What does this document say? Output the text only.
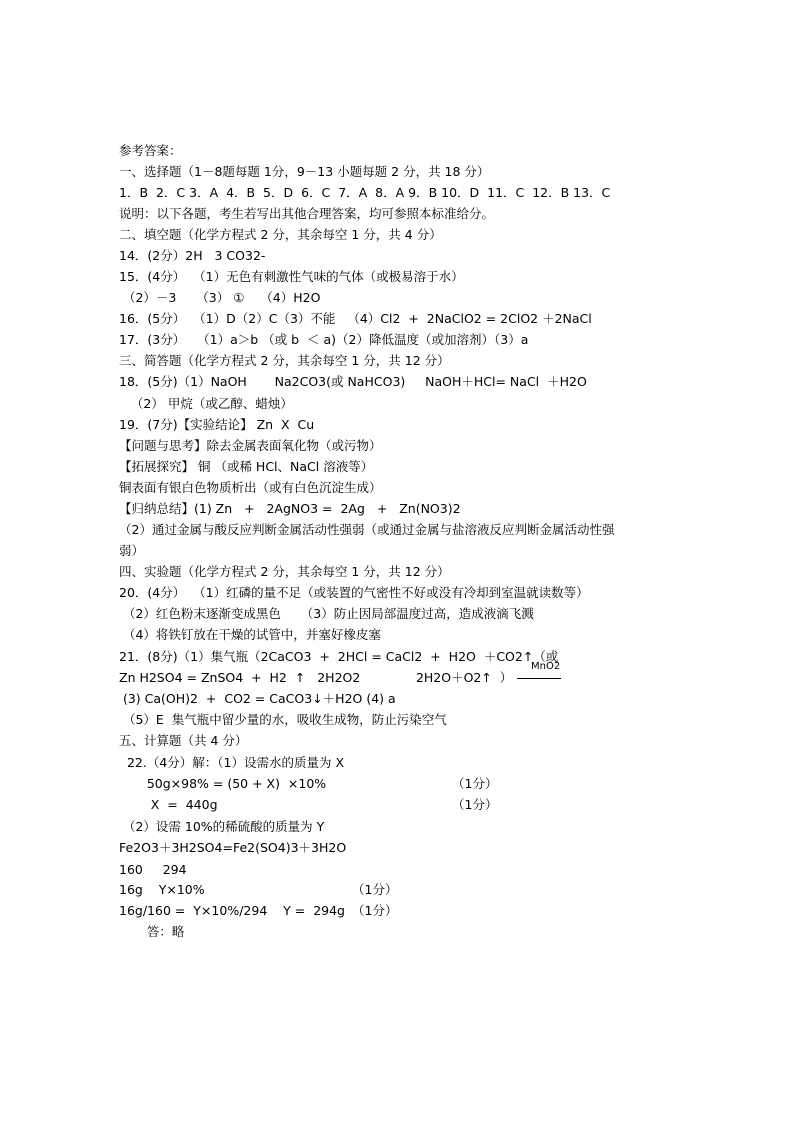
参考答案：
一、选择题（1－8题每题 1分，9－13 小题每题 2 分，共 18 分）
1．B  2．C 3．A  4．B  5．D  6．C  7．A  8．A 9．B 10．D  11．C  12．B 13．C
说明：以下各题，考生若写出其他合理答案，均可参照本标准给分。
二、填空题（化学方程式 2 分，其余每空 1 分，共 4 分）
14．(2分）2H   3 CO32-
15．(4分）  （1）无色有刺激性气味的气体（或极易溶于水）
（2）－3     （3） ①    （4）H2O
16．(5分）  （1）D（2）C（3）不能   （4）Cl2  +  2NaClO2 = 2ClO2 ＋2NaCl
17．(3分）   （1）a＞b （或 b  ＜ a)（2）降低温度（或加溶剂）（3）a
三、简答题（化学方程式 2 分，其余每空 1 分，共 12 分）
18．(5分)（1）NaOH       Na2CO3(或 NaHCO3)     NaOH＋HCl= NaCl  ＋H2O
（2） 甲烷（或乙醇、蜡烛）
19．(7分)【实验结论】 Zn  X  Cu
【问题与思考】除去金属表面氧化物（或污物）
【拓展探究】 铜 （或稀 HCl、NaCl 溶液等）
铜表面有银白色物质析出（或有白色沉淀生成）
【归纳总结】(1) Zn   +   2AgNO3 =  2Ag   +   Zn(NO3)2
（2）通过金属与酸反应判断金属活动性强弱（或通过金属与盐溶液反应判断金属活动性强
弱）
四、实验题（化学方程式 2 分，其余每空 1 分，共 12 分）
20．(4分）  （1）红磷的量不足（或装置的气密性不好或没有冷却到室温就读数等）
（2）红色粉末逐渐变成黑色     （3）防止因局部温度过高，造成液滴飞溅
（4）将铁钉放在干燥的试管中，并塞好橡皮塞
21．(8分)（1）集气瓶（2CaCO3  +  2HCl = CaCl2  +  H2O  ＋CO2↑（或
Zn H2SO4 = ZnSO4  +  H2  ↑   2H2O2              2H2O＋O2↑  ）
MnO2
(3) Ca(OH)2  +  CO2 = CaCO3↓＋H2O (4) a
（5）E  集气瓶中留少量的水，吸收生成物，防止污染空气
五、计算题（共 4 分）
22.（4分）解：（1）设需水的质量为 X
50g×98% = (50 + X)  ×10%
X  =  440g
（2）设需 10%的稀硫酸的质量为 Y
Fe2O3＋3H2SO4=Fe2(SO4)3＋3H2O
160     294
16g    Y×10%
16g/160 =  Y×10%/294    Y =  294g
答：略
（1分）
（1分）
（1分）
（1分）
